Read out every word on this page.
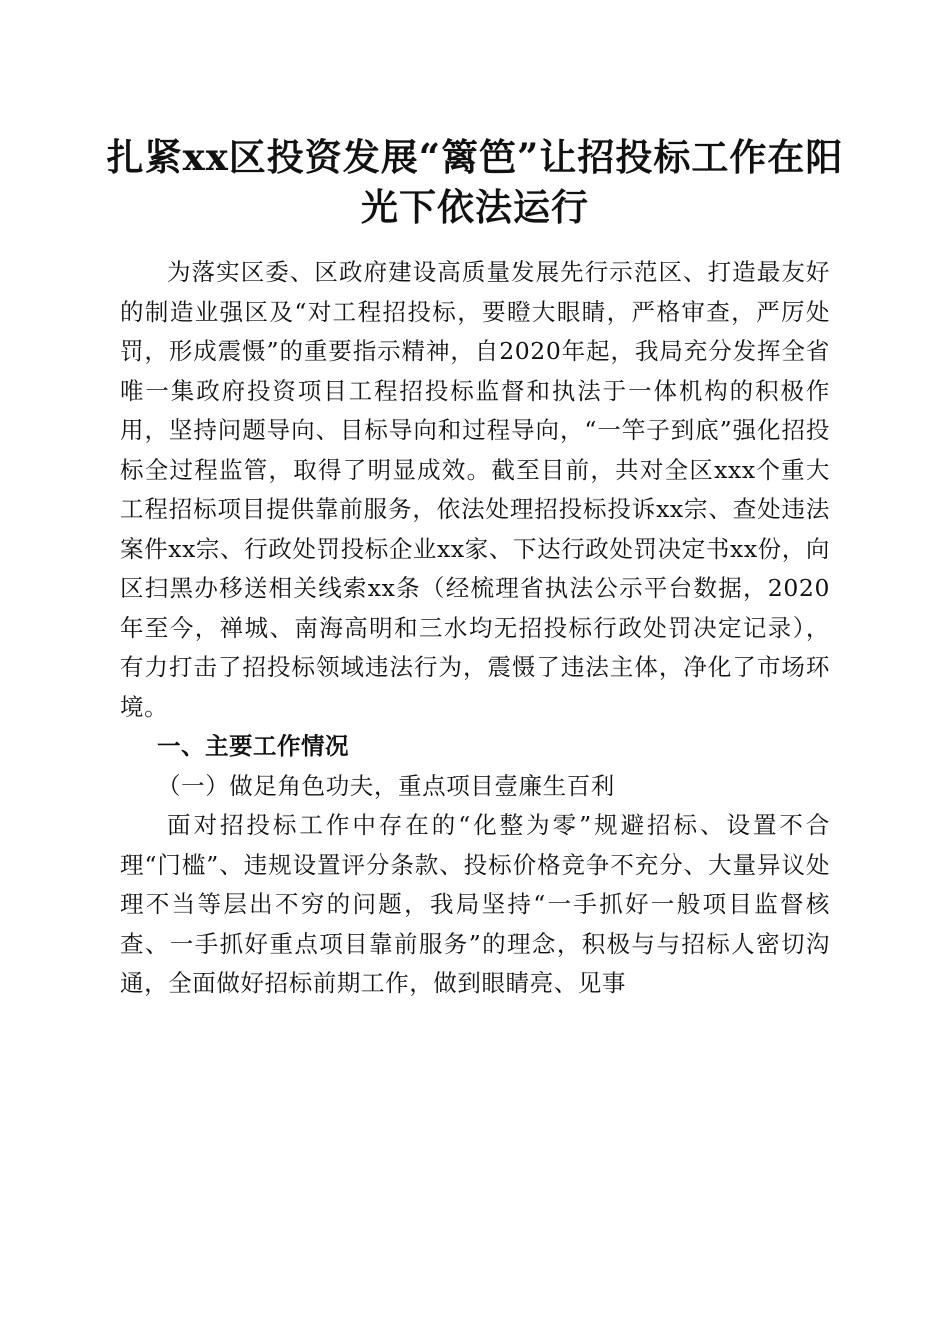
扎紧xx区投资发展“篱笆”让招投标工作在阳光下依法运行

为落实区委、区政府建设高质量发展先行示范区、打造最友好的制造业强区及“对工程招投标，要瞪大眼睛，严格审查，严厉处罚，形成震慑”的重要指示精神，自2020年起，我局充分发挥全省唯一集政府投资项目工程招投标监督和执法于一体机构的积极作用，坚持问题导向、目标导向和过程导向，“一竿子到底”强化招投标全过程监管，取得了明显成效。截至目前，共对全区xxx个重大工程招标项目提供靠前服务，依法处理招投标投诉xx宗、查处违法案件xx宗、行政处罚投标企业xx家、下达行政处罚决定书xx份，向区扫黑办移送相关线索xx条（经梳理省执法公示平台数据，2020年至今，禅城、南海高明和三水均无招投标行政处罚决定记录），有力打击了招投标领域违法行为，震慑了违法主体，净化了市场环境。

一、主要工作情况

（一）做足角色功夫，重点项目壹廉生百利

面对招投标工作中存在的“化整为零”规避招标、设置不合理“门槛”、违规设置评分条款、投标价格竞争不充分、大量异议处理不当等层出不穷的问题，我局坚持“一手抓好一般项目监督核查、一手抓好重点项目靠前服务”的理念，积极与与招标人密切沟通，全面做好招标前期工作，做到眼睛亮、见事
